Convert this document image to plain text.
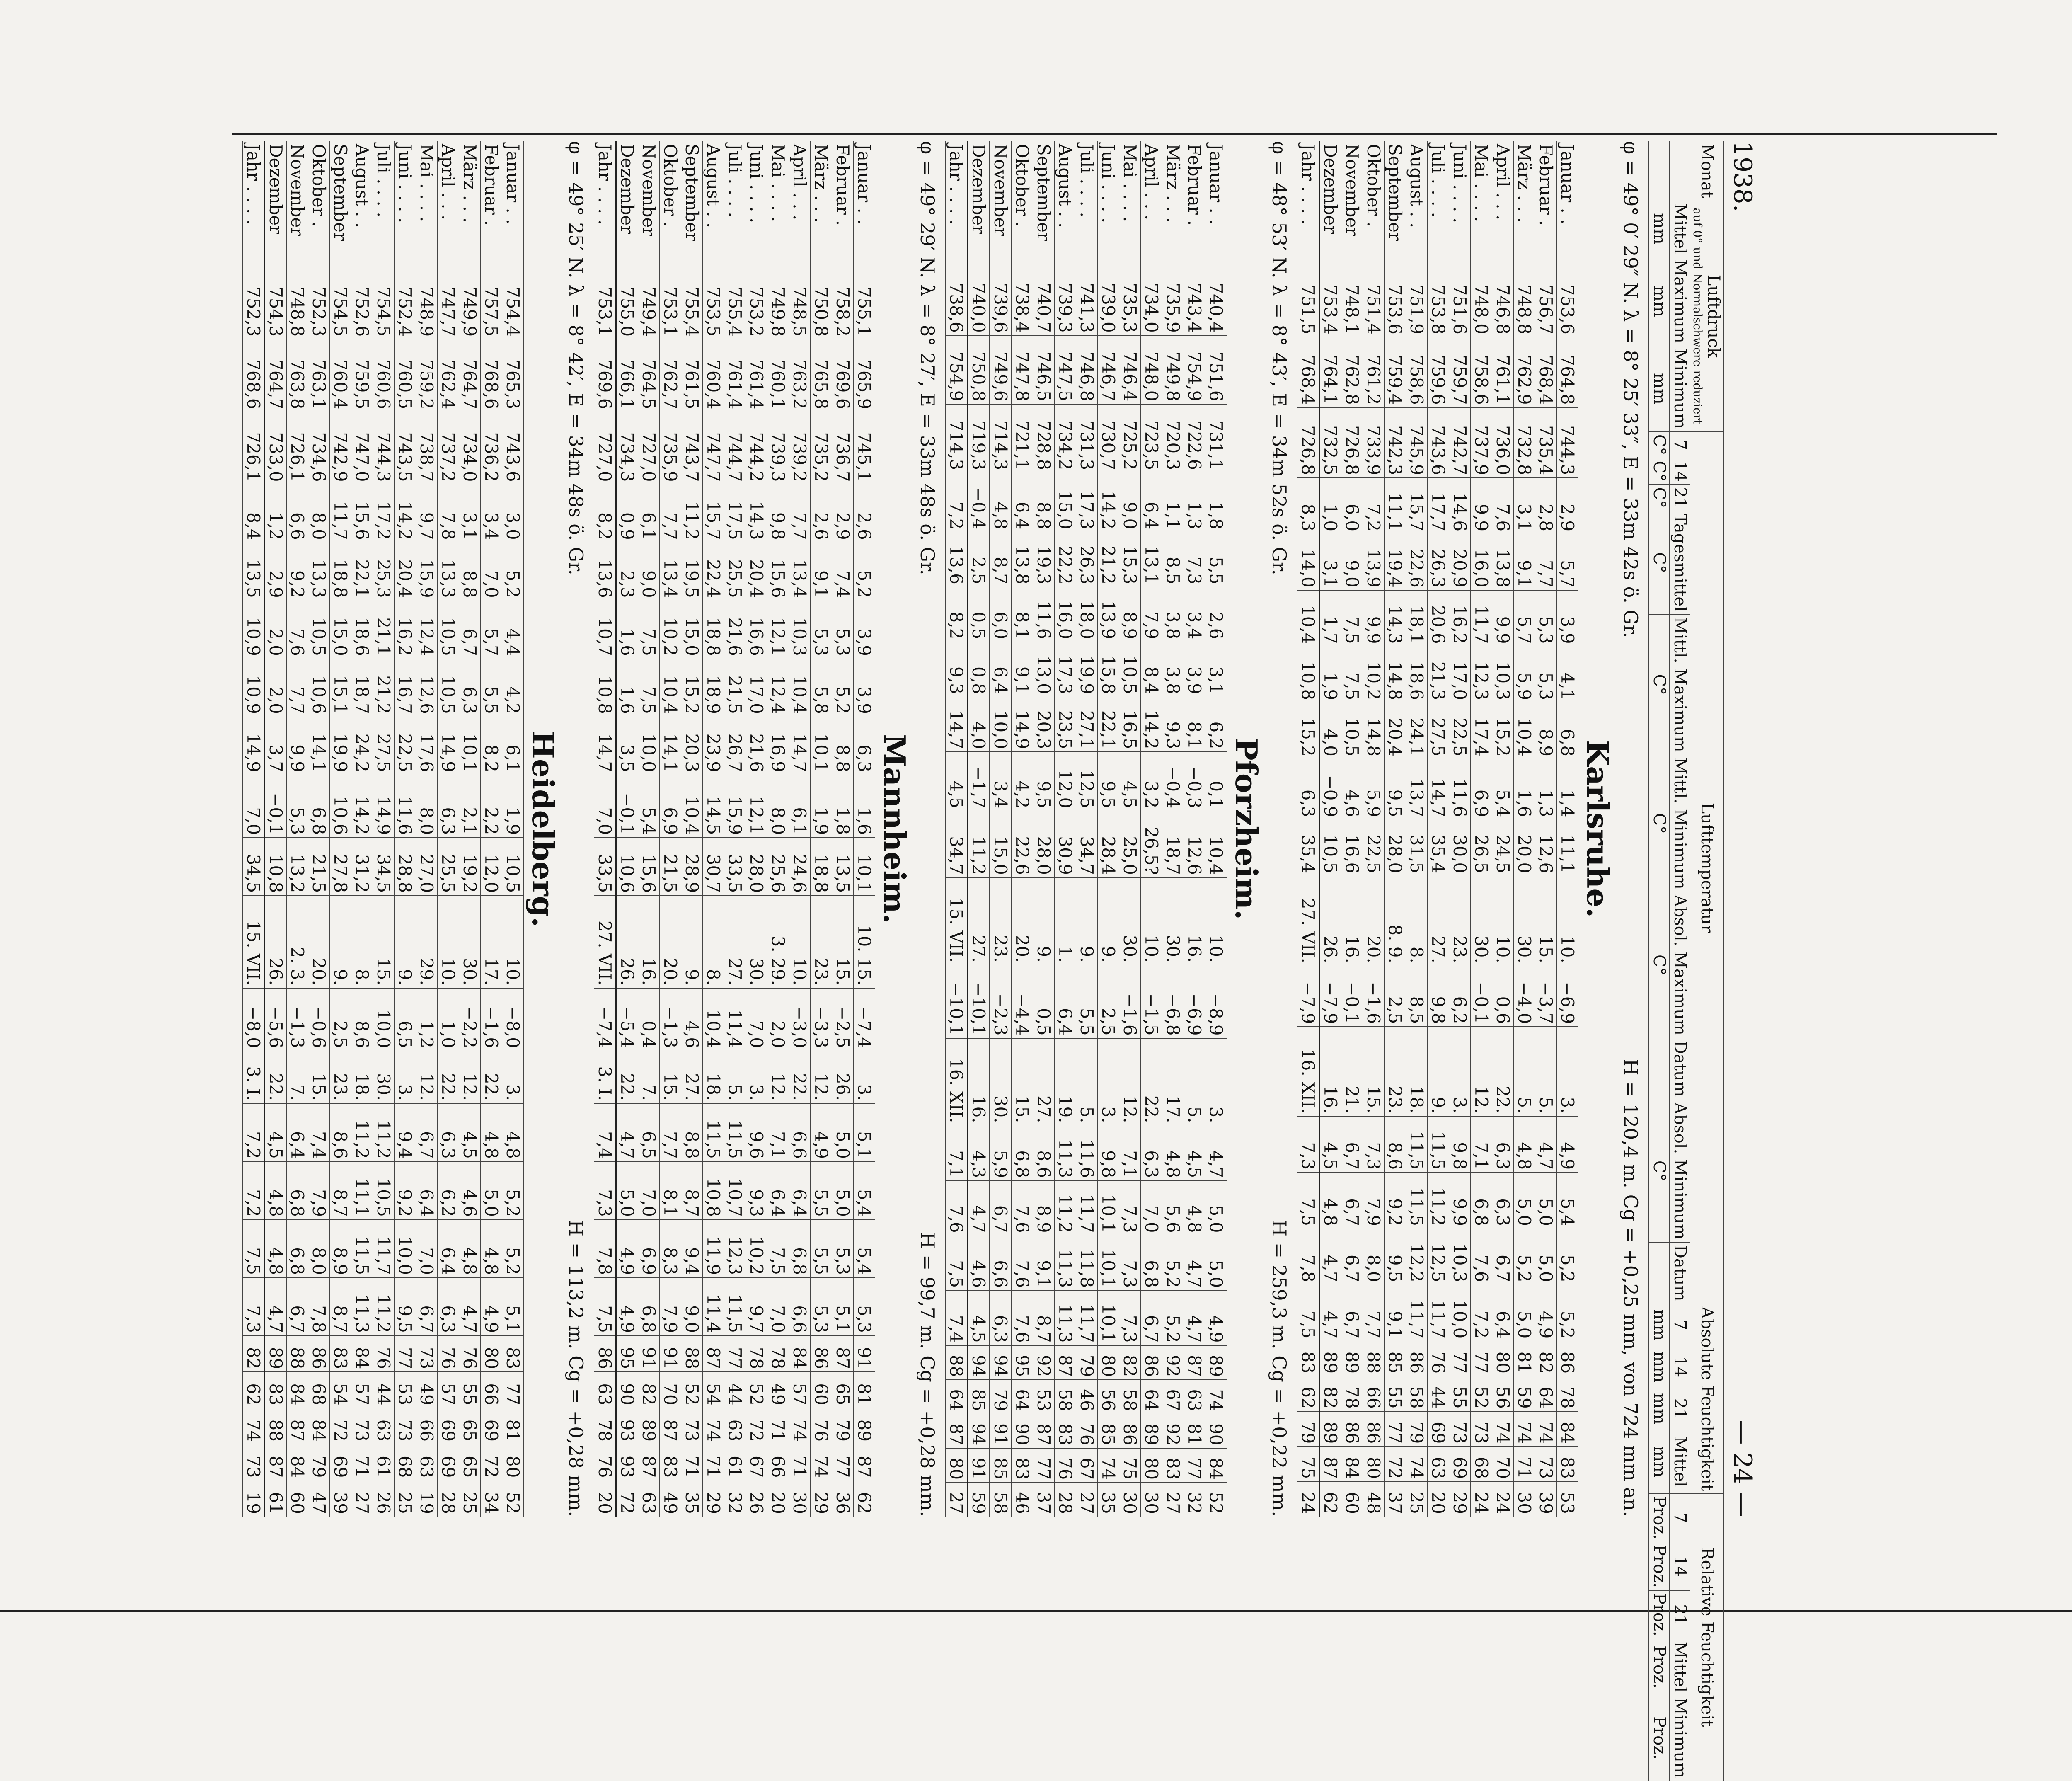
1938.
— 24 —
Monat	Luftdruck
auf 0° und Normalschwere reduziert			Lufttemperatur										Absolute Feuchtigkeit				Relative Feuchtigkeit				
	Mittel	Maximum	Minimum	7	14	21	Tagesmittel	Mittl. Maximum	Mittl. Minimum	Absol. Maximum	Datum	Absol. Minimum	Datum	7	14	21	Mittel	7	14	21	Mittel	Minimum
	mm	mm	mm	C°	C°	C°	C°	C°	C°	C°		C°		mm	mm	mm	mm	Proz.	Proz.	Proz.	Proz.	Proz.
φ = 49° 0′ 29″ N. λ = 8° 25′ 33″, E = 33m 42s ö. Gr.
H = 120,4 m. Cg = +0,25 mm, von 724 mm an.
Karlsruhe.
Januar . .	753,6	764,8	744,3	2,9	5,7	3,9	4,1	6,8	1,4	11,1	10.	−6,9	3.	4,9	5,4	5,2	5,2	86	78	84	83	53
Februar .	756,7	768,4	735,4	2,8	7,7	5,3	5,3	8,9	1,3	12,6	15.	−3,7	5.	4,7	5,0	5,0	4,9	82	64	74	73	39
März . . .	748,8	762,9	732,8	3,1	9,1	5,7	5,9	10,4	1,6	20,0	30.	−4,0	5.	4,8	5,0	5,2	5,0	81	59	74	71	30
April . . .	746,8	761,1	736,0	7,6	13,8	9,9	10,3	15,2	5,4	24,5	10.	0,6	22.	6,3	6,3	6,7	6,4	80	56	74	70	24
Mai . . . .	748,0	758,6	737,9	9,9	16,0	11,7	12,3	17,4	6,9	26,5	30.	−0,1	12.	7,1	6,8	7,6	7,2	77	52	73	68	24
Juni . . . .	751,6	759,7	742,7	14,6	20,9	16,2	17,0	22,5	11,6	30,0	23.	6,2	3.	9,8	9,9	10,3	10,0	77	55	73	69	29
Juli . . . .	753,8	759,6	743,6	17,7	26,3	20,6	21,3	27,5	14,7	35,4	27.	9,8	9.	11,5	11,2	12,5	11,7	76	44	69	63	20
August . .	751,9	758,6	745,9	15,7	22,6	18,1	18,6	24,1	13,7	31,5	8.	8,5	18.	11,5	11,5	12,2	11,7	86	58	79	74	25
September	753,6	759,4	742,3	11,1	19,4	14,3	14,8	20,4	9,5	28,0	8. 9.	2,5	23.	8,6	9,2	9,5	9,1	85	55	77	72	37
Oktober .	751,4	761,2	733,9	7,2	13,9	9,9	10,2	14,8	5,9	22,5	20.	−1,6	15.	7,3	7,9	8,0	7,7	88	66	86	80	48
November	748,1	762,8	726,8	6,0	9,0	7,5	7,5	10,5	4,6	16,6	16.	−0,1	21.	6,7	6,7	6,7	6,7	89	78	86	84	60
Dezember	753,4	764,1	732,5	1,0	3,1	1,7	1,9	4,0	−0,9	10,5	26.	−7,9	16.	4,5	4,8	4,7	4,7	89	82	89	87	62
Jahr . . . .	751,5	768,4	726,8	8,3	14,0	10,4	10,8	15,2	6,3	35,4	27. VII.	−7,9	16. XII.	7,3	7,5	7,8	7,5	83	62	79	75	24
φ = 48° 53′ N. λ = 8° 43′, E = 34m 52s ö. Gr.
H = 259,3 m. Cg = +0,22 mm.
Pforzheim.
Januar . .	740,4	751,6	731,1	1,8	5,5	2,6	3,1	6,2	0,1	10,4	10.	−8,9	3.	4,7	5,0	5,0	4,9	89	74	90	84	52
Februar .	743,4	754,9	722,6	1,3	7,3	3,4	3,9	8,1	−0,3	12,6	16.	−6,9	5.	4,5	4,8	4,7	4,7	87	63	81	77	32
März . . .	735,9	749,8	720,3	1,1	8,5	3,8	3,8	9,3	−0,4	18,7	30.	−6,8	17.	4,8	5,6	5,2	5,2	92	67	92	83	27
April . . .	734,0	748,0	723,5	6,4	13,1	7,9	8,4	14,2	3,2	26,5?	10.	−1,5	22.	6,3	7,0	6,8	6,7	86	64	89	80	30
Mai . . . .	735,3	746,4	725,2	9,0	15,3	8,9	10,5	16,5	4,5	25,0	30.	−1,6	12.	7,1	7,3	7,3	7,3	82	58	86	75	30
Juni . . . .	739,0	746,7	730,7	14,2	21,2	13,9	15,8	22,1	9,5	28,4	9.	2,5	3.	9,8	10,1	10,1	10,1	80	56	85	74	35
Juli . . . .	741,3	746,8	731,3	17,3	26,3	18,0	19,9	27,1	12,5	34,7	9.	5,5	5.	11,6	11,7	11,8	11,7	79	46	76	67	27
August . .	739,3	747,5	734,2	15,0	22,2	16,0	17,3	23,5	12,0	30,9	1.	6,4	19.	11,3	11,2	11,3	11,3	87	58	83	76	28
September	740,7	746,5	728,8	8,8	19,3	11,6	13,0	20,3	9,5	28,0	9.	0,5	27.	8,6	8,9	9,1	8,7	92	53	87	77	37
Oktober .	738,4	747,8	721,1	6,4	13,8	8,1	9,1	14,9	4,2	22,6	20.	−4,4	15.	6,8	7,6	7,6	7,6	95	64	90	83	46
November	739,6	749,6	714,3	4,8	8,7	6,0	6,4	10,0	3,4	15,0	23.	−2,3	30.	5,9	6,7	6,6	6,3	94	79	91	85	58
Dezember	740,0	750,8	719,3	−0,4	2,5	0,5	0,8	4,0	−1,7	11,2	27.	−10,1	16.	4,3	4,7	4,6	4,5	94	85	94	91	59
Jahr . . . .	738,6	754,9	714,3	7,2	13,6	8,2	9,3	14,7	4,5	34,7	15. VII.	−10,1	16. XII.	7,1	7,6	7,5	7,4	88	64	87	80	27
φ = 49° 29′ N. λ = 8° 27′, E = 33m 48s ö. Gr.
H = 99,7 m. Cg = +0,28 mm.
Mannheim.
Januar . .	755,1	765,9	745,1	2,6	5,2	3,9	3,9	6,3	1,6	10,1	10. 15.	−7,4	3.	5,1	5,4	5,4	5,3	91	81	89	87	62
Februar .	758,2	769,6	736,7	2,9	7,4	5,3	5,2	8,8	1,8	13,5	15.	−2,5	26.	5,0	5,0	5,3	5,1	87	65	79	77	36
März . . .	750,8	765,8	735,2	2,6	9,1	5,3	5,8	10,1	1,9	18,8	23.	−3,3	12.	4,9	5,5	5,5	5,3	86	60	76	74	29
April . . .	748,5	763,2	739,2	7,7	13,4	10,3	10,4	14,7	6,1	24,6	10.	−3,0	22.	6,6	6,4	6,8	6,6	84	57	74	71	30
Mai . . . .	749,8	760,1	739,3	9,8	15,6	12,1	12,4	16,9	8,0	25,6	3. 29.	2,0	12.	7,1	6,4	7,5	7,0	78	49	71	66	20
Juni . . . .	753,2	761,4	744,2	14,3	20,4	16,6	17,0	21,6	12,1	28,0	30.	7,0	3.	9,6	9,3	10,2	9,7	78	52	72	67	26
Juli . . . .	755,4	761,4	744,7	17,5	25,5	21,6	21,5	26,7	15,9	33,5	27.	11,4	5.	11,5	10,7	12,3	11,5	77	44	63	61	32
August . .	753,5	760,4	747,7	15,7	22,4	18,8	18,9	23,9	14,5	30,7	8.	10,4	18.	11,5	10,8	11,9	11,4	87	54	74	71	29
September	755,4	761,5	743,7	11,2	19,5	15,0	15,2	20,3	10,4	28,9	9.	4,6	27.	8,8	8,7	9,4	9,0	88	52	73	71	35
Oktober .	753,1	762,7	735,9	7,7	13,4	10,2	10,4	14,1	6,9	21,5	20.	−1,3	15.	7,7	8,1	8,3	7,9	91	70	87	83	49
November	749,4	764,5	727,0	6,1	9,0	7,5	7,5	10,0	5,4	15,6	16.	0,4	7.	6,5	7,0	6,9	6,8	91	82	89	87	63
Dezember	755,0	766,1	734,3	0,9	2,3	1,6	1,6	3,5	−0,1	10,6	26.	−5,4	22.	4,7	5,0	4,9	4,9	95	90	93	93	72
Jahr . . . .	753,1	769,6	727,0	8,2	13,6	10,7	10,8	14,7	7,0	33,5	27. VII.	−7,4	3. I.	7,4	7,3	7,8	7,5	86	63	78	76	20
φ = 49° 25′ N. λ = 8° 42′, E = 34m 48s ö. Gr.
H = 113,2 m. Cg = +0,28 mm.
Heidelberg.
Januar . .	754,4	765,3	743,6	3,0	5,2	4,4	4,2	6,1	1,9	10,5	10.	−8,0	3.	4,8	5,2	5,2	5,1	83	77	81	80	52
Februar .	757,5	768,6	736,2	3,4	7,0	5,7	5,5	8,2	2,2	12,0	17.	−1,6	22.	4,8	5,0	4,8	4,9	80	66	69	72	34
März . . .	749,9	764,7	734,0	3,1	8,8	6,7	6,3	10,1	2,1	19,2	30.	−2,2	12.	4,5	4,6	4,8	4,7	76	55	65	65	25
April . . .	747,7	762,4	737,2	7,8	13,3	10,5	10,5	14,9	6,3	25,5	10.	1,0	22.	6,3	6,2	6,4	6,3	76	57	69	69	28
Mai . . . .	748,9	759,2	738,7	9,7	15,9	12,4	12,6	17,6	8,0	27,0	29.	1,2	12.	6,7	6,4	7,0	6,7	73	49	66	63	19
Juni . . . .	752,4	760,5	743,5	14,2	20,4	16,2	16,7	22,5	11,6	28,8	9.	6,5	3.	9,4	9,2	10,0	9,5	77	53	73	68	25
Juli . . . .	754,5	760,6	744,3	17,2	25,3	21,1	21,2	27,5	14,9	34,5	15.	10,0	30.	11,2	10,5	11,7	11,2	76	44	63	61	26
August . .	752,6	759,5	747,0	15,6	22,1	18,6	18,7	24,2	14,2	31,2	8.	8,6	18.	11,2	11,1	11,5	11,3	84	57	73	71	27
September	754,5	760,4	742,9	11,7	18,8	15,0	15,1	19,9	10,6	27,8	9.	2,5	23.	8,6	8,7	8,9	8,7	83	54	72	69	39
Oktober .	752,3	763,1	734,6	8,0	13,3	10,5	10,6	14,1	6,8	21,5	20.	−0,6	15.	7,4	7,9	8,0	7,8	86	68	84	79	47
November	748,8	763,8	726,1	6,6	9,2	7,6	7,7	9,9	5,3	13,2	2. 3.	−1,3	7.	6,4	6,8	6,8	6,7	88	84	87	84	60
Dezember	754,3	764,7	733,0	1,2	2,9	2,0	2,0	3,7	−0,1	10,8	26.	−5,6	22.	4,5	4,8	4,8	4,7	89	83	88	87	61
Jahr . . . .	752,3	768,6	726,1	8,4	13,5	10,9	10,9	14,9	7,0	34,5	15. VII.	−8,0	3. I.	7,2	7,2	7,5	7,3	82	62	74	73	19
